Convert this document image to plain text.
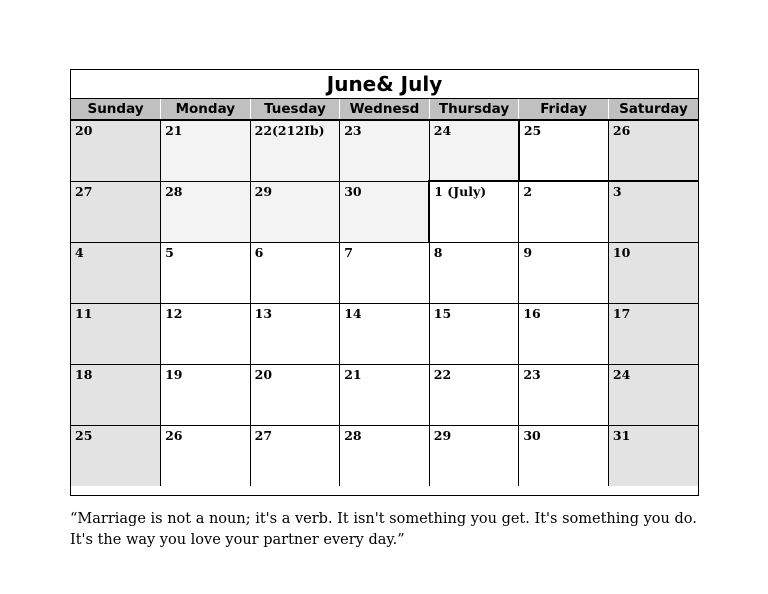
June& July
Sunday	Monday	Tuesday	Wednesd	Thursday	Friday	Saturday
20	21	22(212Ib)	23	24	25	26
27	28	29	30	1 (July)	2	3
4	5	6	7	8	9	10
11	12	13	14	15	16	17
18	19	20	21	22	23	24
25	26	27	28	29	30	31
“Marriage is not a noun; it's a verb. It isn't something you get. It's something you do. It's the way you love your partner every day.”
